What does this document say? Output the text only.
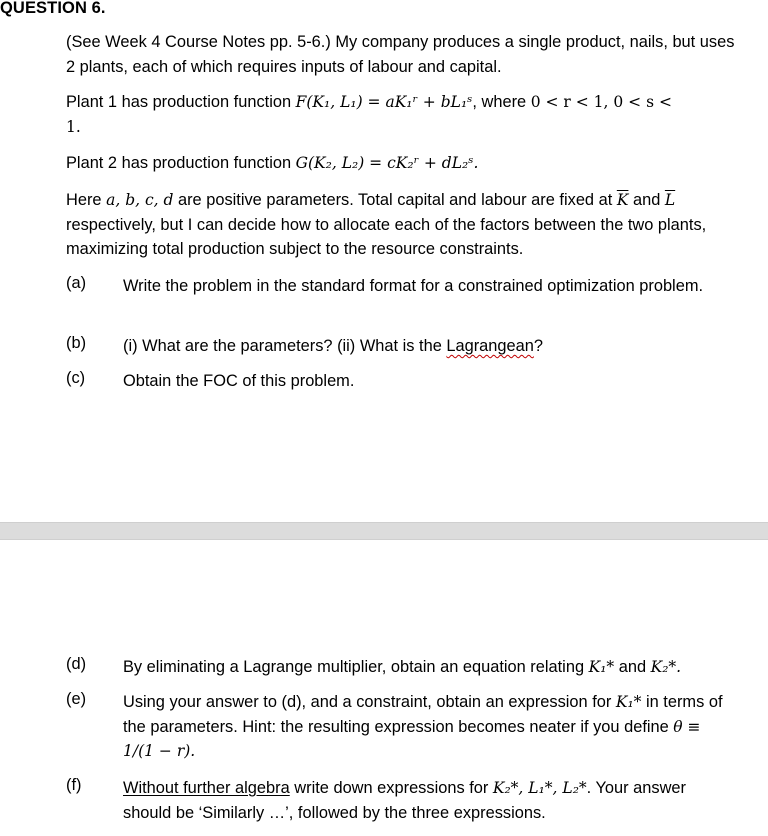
QUESTION 6.
(See Week 4 Course Notes pp. 5-6.) My company produces a single product, nails, but uses 2 plants, each of which requires inputs of labour and capital.
Plant 1 has production function F(K₁, L₁) = aK₁ʳ + bL₁ˢ, where 0 < r < 1, 0 < s <
1.
Plant 2 has production function G(K₂, L₂) = cK₂ʳ + dL₂ˢ.
Here a, b, c, d are positive parameters. Total capital and labour are fixed at $\overline{K}$ and $\overline{L}$
respectively, but I can decide how to allocate each of the factors between the two plants, maximizing total production subject to the resource constraints.
(a) Write the problem in the standard format for a constrained optimization problem.
(b) (i) What are the parameters? (ii) What is the Lagrangean?
(c) Obtain the FOC of this problem.
(d) By eliminating a Lagrange multiplier, obtain an equation relating K₁* and K₂*.
(e) Using your answer to (d), and a constraint, obtain an expression for K₁* in terms of the parameters. Hint: the resulting expression becomes neater if you define θ ≡ 1/(1 − r).
(f)	Without further algebra write down expressions for K₂*, L₁*, L₂*. Your answer should be ‘Similarly …’, followed by the three expressions.
